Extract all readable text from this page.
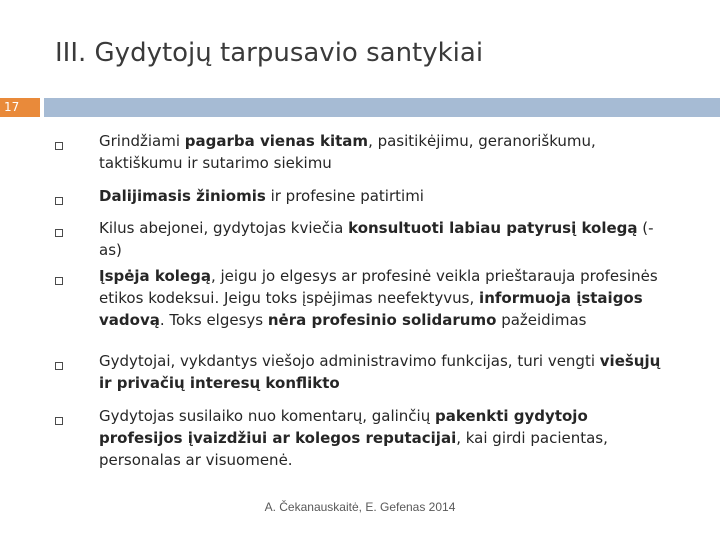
III. Gydytojų tarpusavio santykiai
17
Grindžiami pagarba vienas kitam, pasitikėjimu, geranoriškumu, taktiškumu ir sutarimo siekimu
Dalijimasis žiniomis ir profesine patirtimi
Kilus abejonei, gydytojas kviečia konsultuoti labiau patyrusį kolegą (-as)
Įspėja kolegą, jeigu jo elgesys ar profesinė veikla prieštarauja profesinės etikos kodeksui. Jeigu toks įspėjimas neefektyvus, informuoja įstaigos vadovą. Toks elgesys nėra profesinio solidarumo pažeidimas
Gydytojai, vykdantys viešojo administravimo funkcijas, turi vengti viešųjų ir privačių interesų konflikto
Gydytojas susilaiko nuo komentarų, galinčių pakenkti gydytojo profesijos įvaizdžiui ar kolegos reputacijai, kai girdi pacientas, personalas ar visuomenė.
A. Čekanauskaitė, E. Gefenas 2014
